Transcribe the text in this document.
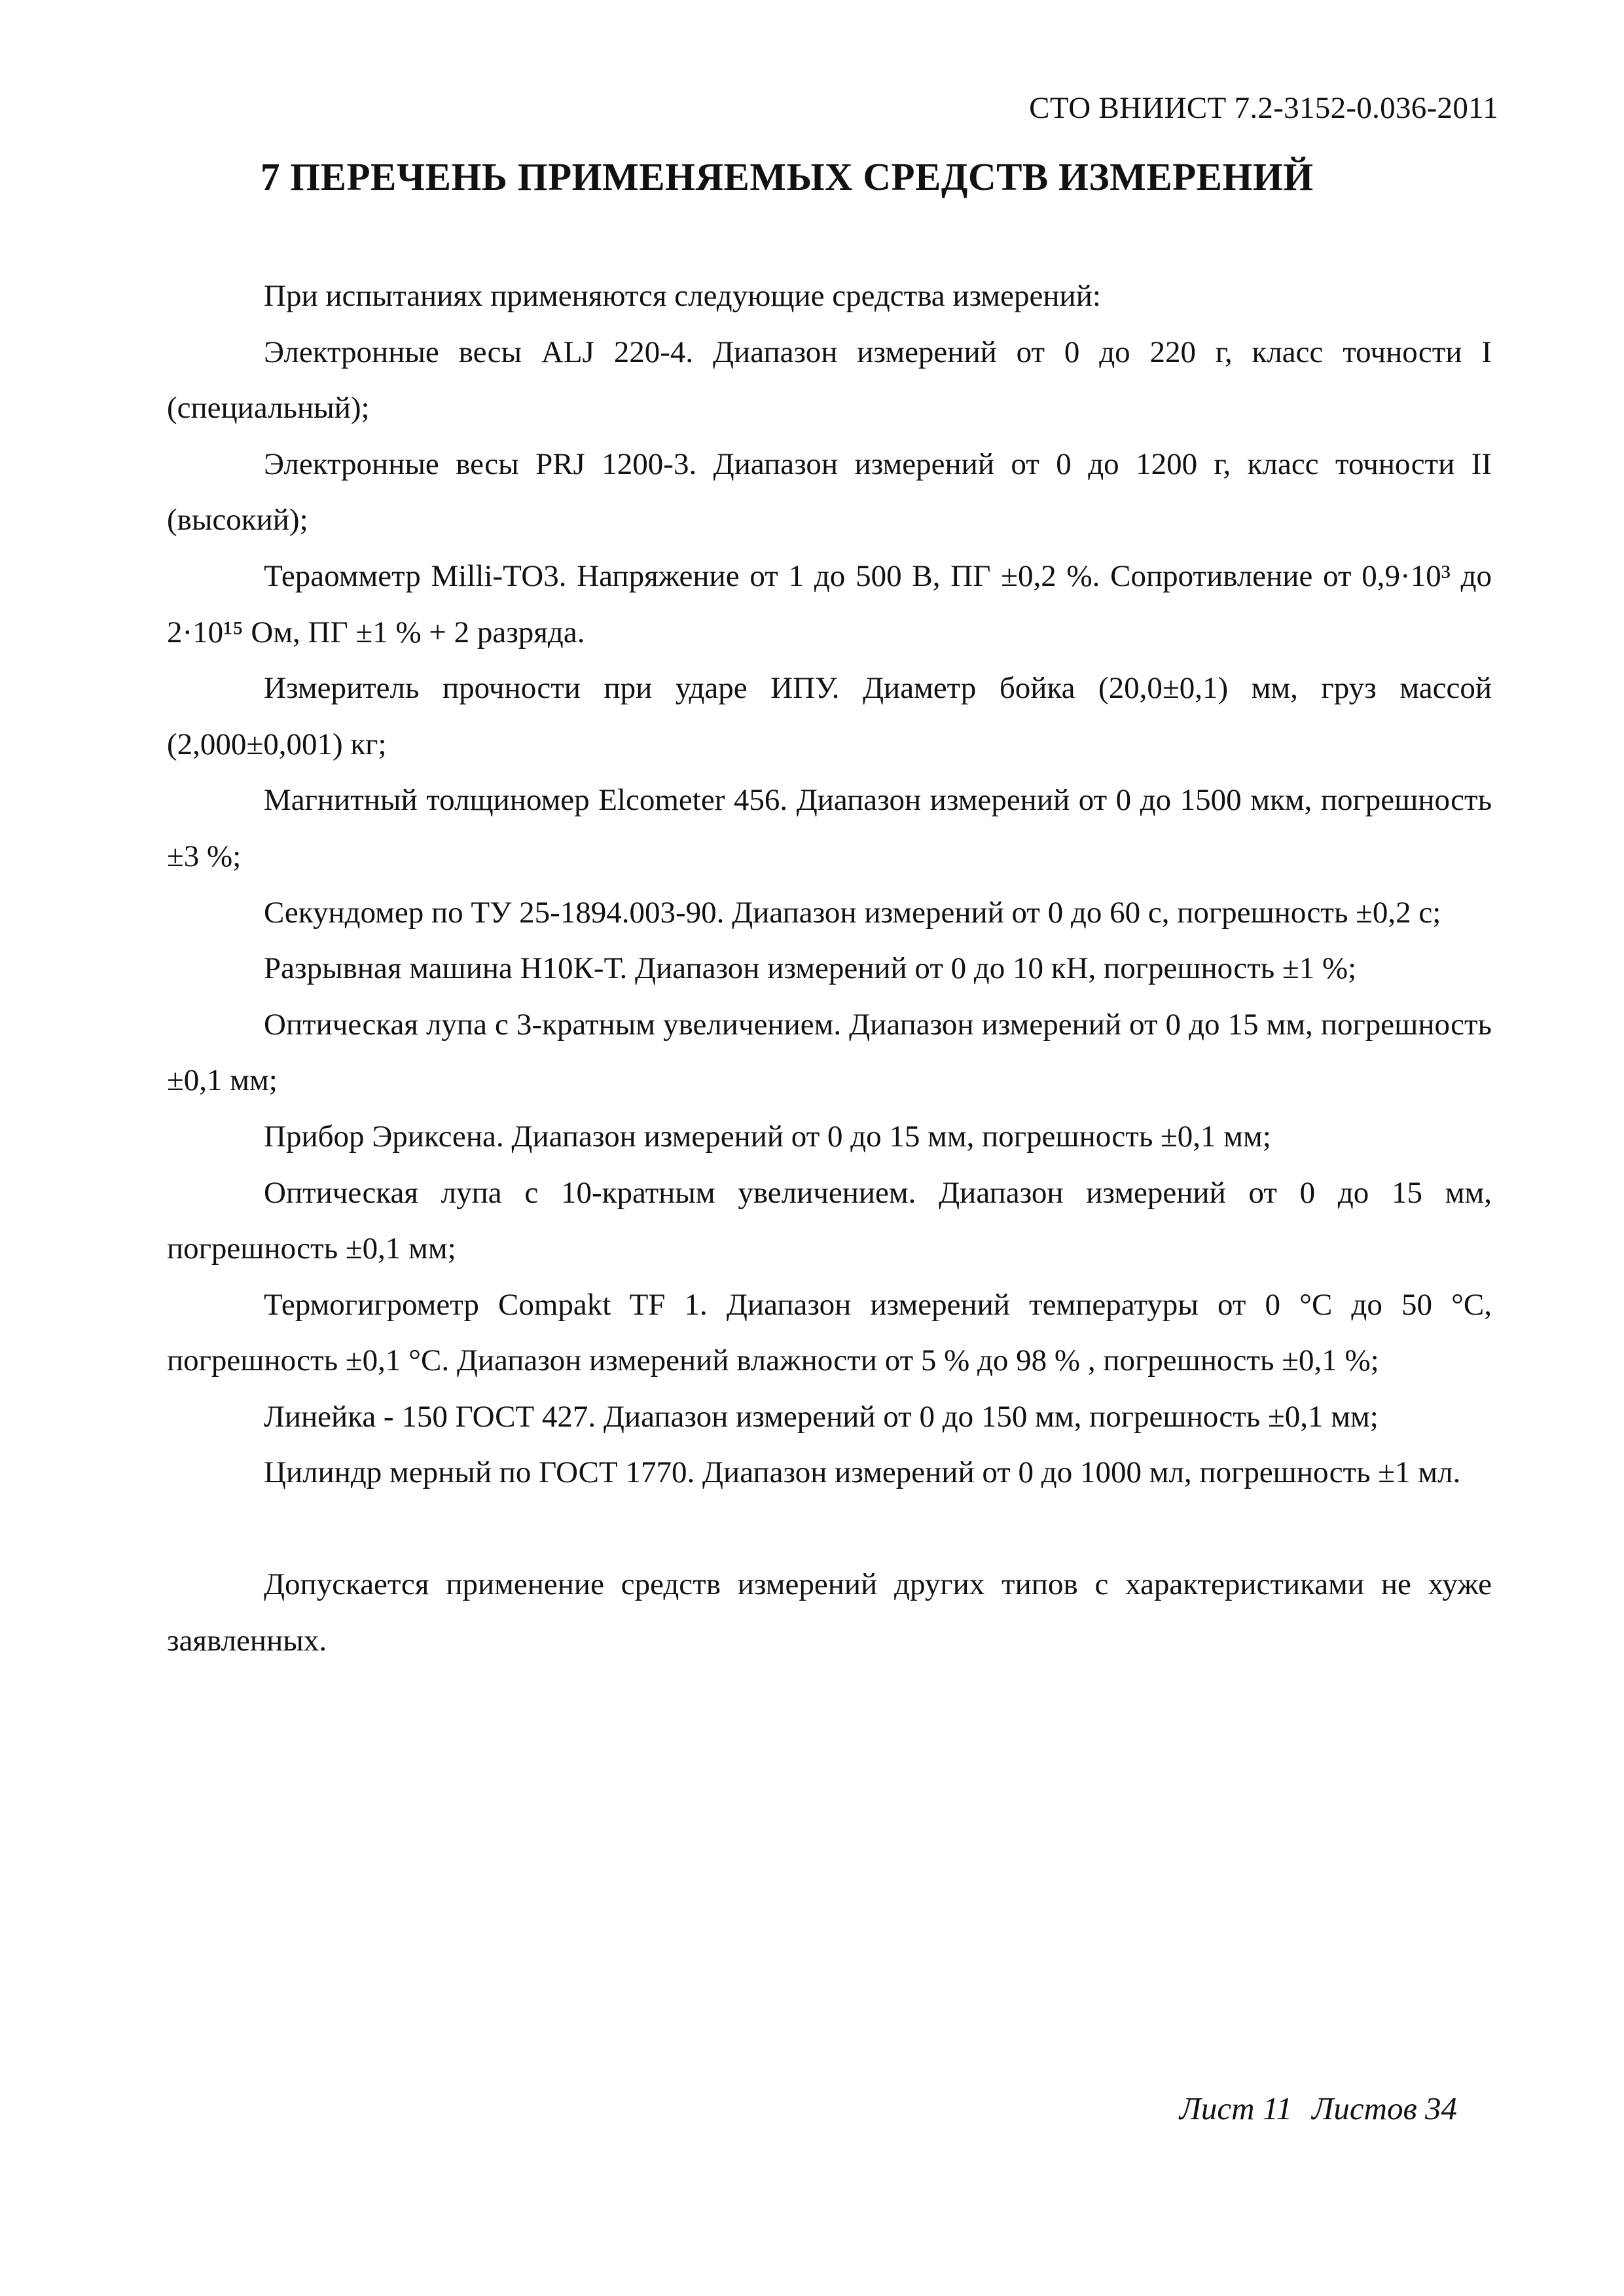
СТО ВНИИСТ 7.2-3152-0.036-2011
7 ПЕРЕЧЕНЬ ПРИМЕНЯЕМЫХ СРЕДСТВ ИЗМЕРЕНИЙ

При испытаниях применяются следующие средства измерений:

Электронные весы ALJ 220-4. Диапазон измерений от 0 до 220 г, класс точности I (специальный);

Электронные весы PRJ 1200-3. Диапазон измерений от 0 до 1200 г, класс точности II (высокий);

Тераомметр Milli-ТО3. Напряжение от 1 до 500 В, ПГ ±0,2 %. Сопротивление от 0,9·10³ до 2·10¹⁵ Ом, ПГ ±1 % + 2 разряда.

Измеритель прочности при ударе ИПУ. Диаметр бойка (20,0±0,1) мм, груз массой (2,000±0,001) кг;

Магнитный толщиномер Elcometer 456. Диапазон измерений от 0 до 1500 мкм, погрешность ±3 %;

Секундомер по ТУ 25-1894.003-90. Диапазон измерений от 0 до 60 с, погрешность ±0,2 с;

Разрывная машина Н10К-Т. Диапазон измерений от 0 до 10 кН, погрешность ±1 %;

Оптическая лупа с 3-кратным увеличением. Диапазон измерений от 0 до 15 мм, погрешность ±0,1 мм;

Прибор Эриксена. Диапазон измерений от 0 до 15 мм, погрешность ±0,1 мм;

Оптическая лупа с 10-кратным увеличением. Диапазон измерений от 0 до 15 мм, погрешность ±0,1 мм;

Термогигрометр Compakt TF 1. Диапазон измерений температуры от 0 °С до 50 °С, погрешность ±0,1 °С. Диапазон измерений влажности от 5 % до 98 % , погрешность ±0,1 %;

Линейка - 150 ГОСТ 427. Диапазон измерений от 0 до 150 мм, погрешность ±0,1 мм;

Цилиндр мерный по ГОСТ 1770. Диапазон измерений от 0 до 1000 мл, погрешность ±1 мл.

Допускается применение средств измерений других типов с характеристиками не хуже заявленных.

Лист 11 Листов 34
